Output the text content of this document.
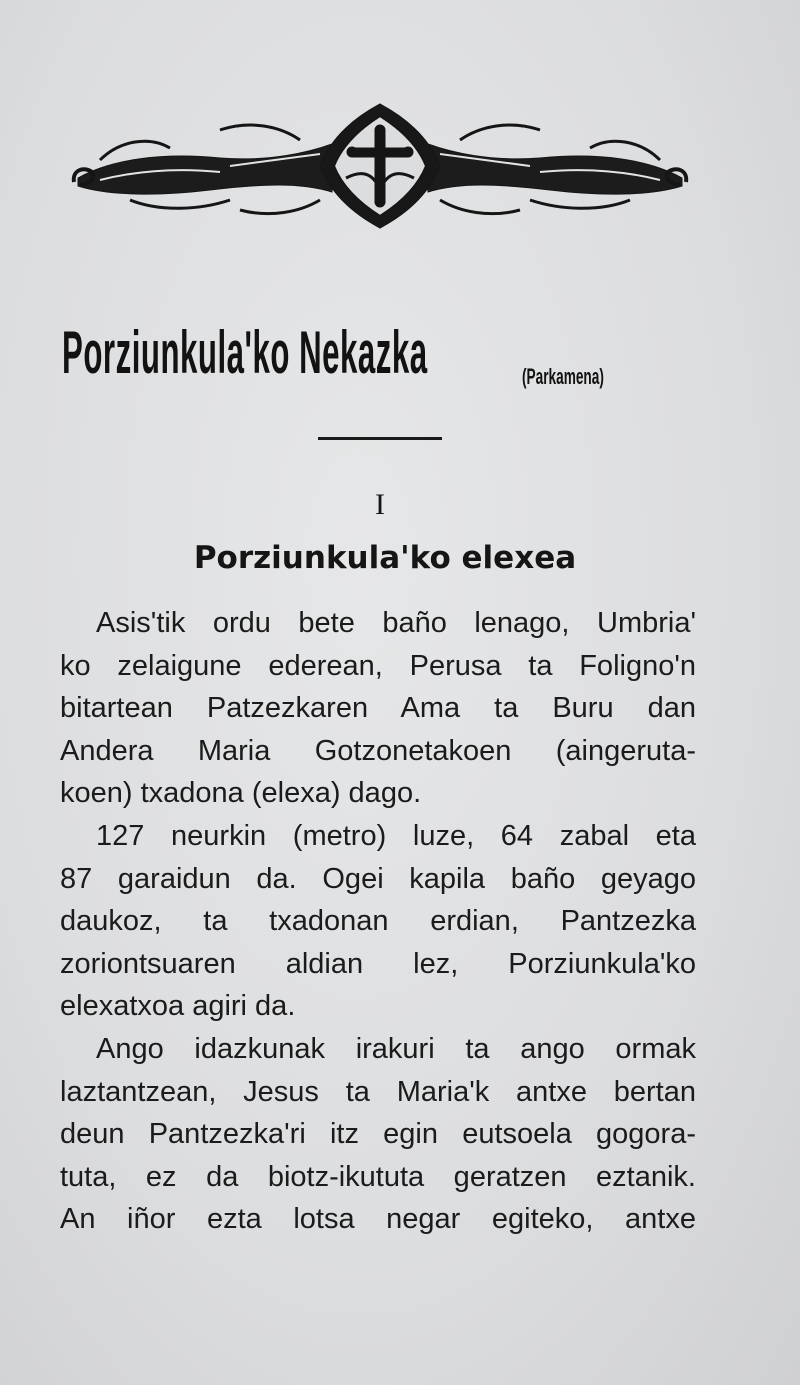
Porziunkula'ko Nekazka	(Parkamena)
I
Porziunkula'ko elexea
Asis'tik ordu bete baño lenago, Umbria'
ko zelaigune ederean, Perusa ta Foligno'n
bitartean Patzezkaren Ama ta Buru dan
Andera Maria Gotzonetakoen (aingeruta-
koen) txadona (elexa) dago.
127 neurkin (metro) luze, 64 zabal eta
87 garaidun da. Ogei kapila baño geyago
daukoz, ta txadonan erdian, Pantzezka
zoriontsuaren aldian lez, Porziunkula'ko
elexatxoa agiri da.
Ango idazkunak irakuri ta ango ormak
laztantzean, Jesus ta Maria'k antxe bertan
deun Pantzezka'ri itz egin eutsoela gogora-
tuta, ez da biotz-ikututa geratzen eztanik.
An iñor ezta lotsa negar egiteko, antxe
